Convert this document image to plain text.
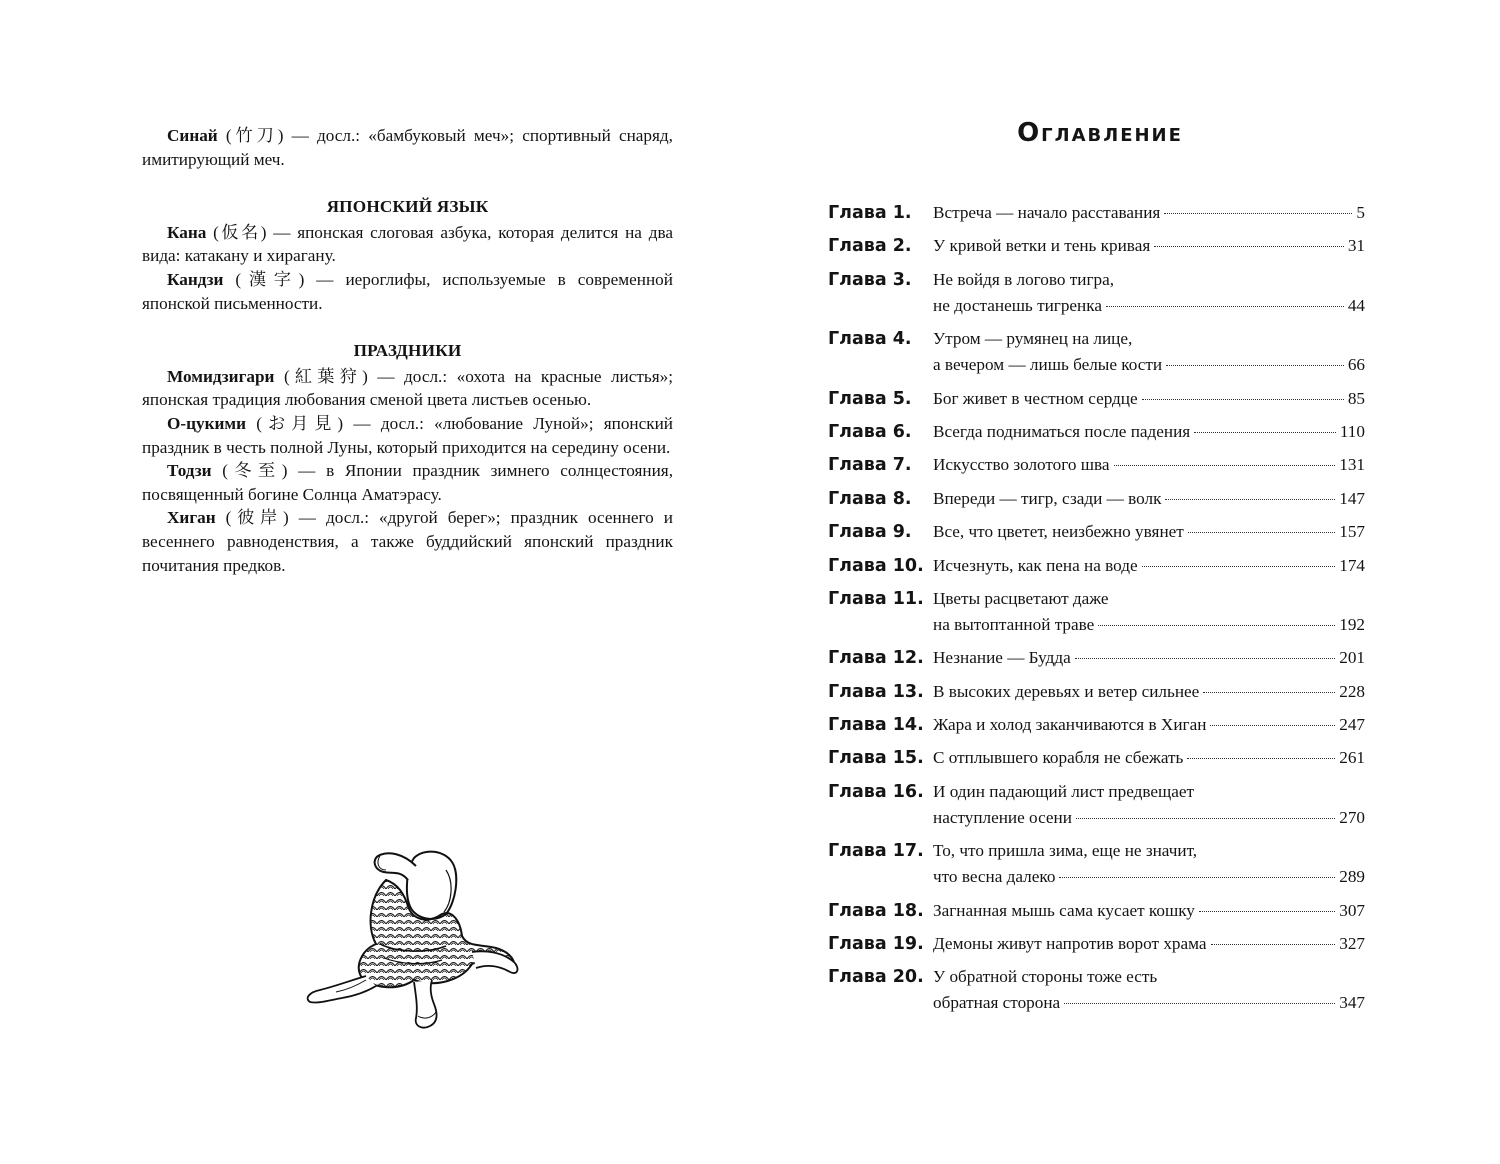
Синай (竹刀) — досл.: «бамбуковый меч»; спортивный снаряд, имитирующий меч.

ЯПОНСКИЙ ЯЗЫК

Кана (仮名) — японская слоговая азбука, которая делится на два вида: катакану и хирагану.

Кандзи (漢字) — иероглифы, используемые в современной японской письменности.

ПРАЗДНИКИ

Момидзигари (紅葉狩) — досл.: «охота на красные листья»; японская традиция любования сменой цвета листьев осенью.

О-цукими (お月見) — досл.: «любование Луной»; японский праздник в честь полной Луны, который приходится на середину осени.

Тодзи (冬至) — в Японии праздник зимнего солнцестояния, посвященный богине Солнца Аматэрасу.

Хиган (彼岸) — досл.: «другой берег»; праздник осеннего и весеннего равноденствия, а также буддийский японский праздник почитания предков.

Оглавление
Глава 1.	Встреча — начало расставания	5
Глава 2.	У кривой ветки и тень кривая	31
Глава 3.	Не войдя в логово тигра,
не достанешь тигренка	44
Глава 4.	Утром — румянец на лице,
а вечером — лишь белые кости	66
Глава 5.	Бог живет в честном сердце	85
Глава 6.	Всегда подниматься после падения	110
Глава 7.	Искусство золотого шва	131
Глава 8.	Впереди — тигр, сзади — волк	147
Глава 9.	Все, что цветет, неизбежно увянет	157
Глава 10. Исчезнуть, как пена на воде	174
Глава 11. Цветы расцветают даже
на вытоптанной траве	192
Глава 12. Незнание — Будда	201
Глава 13. В высоких деревьях и ветер сильнее	228
Глава 14. Жара и холод заканчиваются в Хиган	247
Глава 15. С отплывшего корабля не сбежать	261
Глава 16. И один падающий лист предвещает
наступление осени	270
Глава 17. То, что пришла зима, еще не значит,
что весна далеко	289
Глава 18. Загнанная мышь сама кусает кошку	307
Глава 19. Демоны живут напротив ворот храма	327
Глава 20. У обратной стороны тоже есть
обратная сторона	347
